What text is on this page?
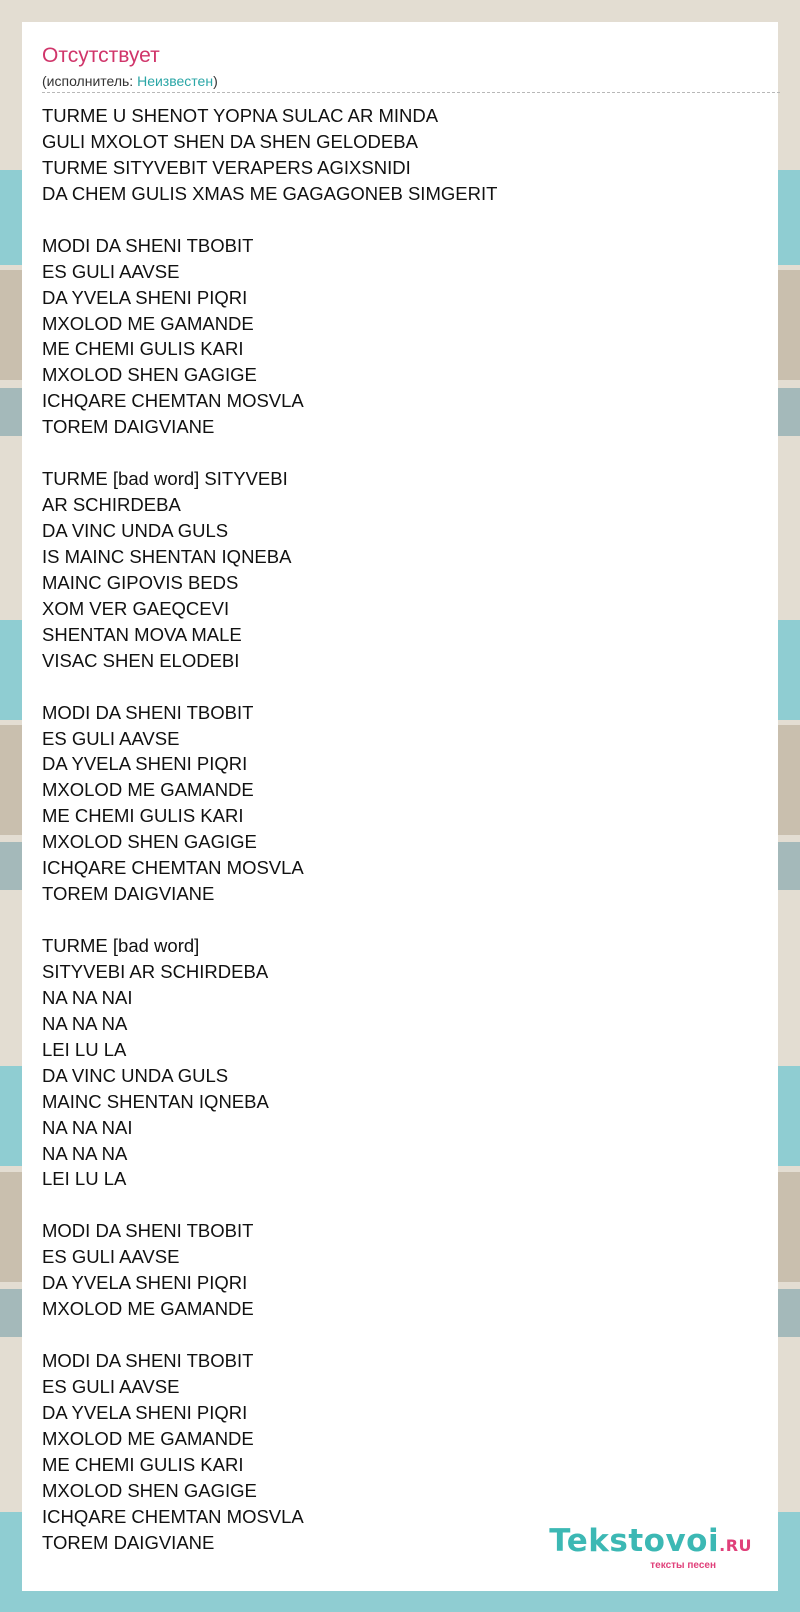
Отсутствует
(исполнитель: Неизвестен)
TURME U SHENOT YOPNA SULAC AR MINDA
GULI MXOLOT SHEN DA SHEN GELODEBA
TURME SITYVEBIT VERAPERS AGIXSNIDI
DA CHEM GULIS XMAS ME GAGAGONEB SIMGERIT
MODI DA SHENI TBOBIT
ES GULI AAVSE
DA YVELA SHENI PIQRI
MXOLOD ME GAMANDE
ME CHEMI GULIS KARI
MXOLOD SHEN GAGIGE
ICHQARE CHEMTAN MOSVLA
TOREM DAIGVIANE
TURME [bad word] SITYVEBI
AR SCHIRDEBA
DA VINC UNDA GULS
IS MAINC SHENTAN IQNEBA
MAINC GIPOVIS BEDS
XOM VER GAEQCEVI
SHENTAN MOVA MALE
VISAC SHEN ELODEBI
MODI DA SHENI TBOBIT
ES GULI AAVSE
DA YVELA SHENI PIQRI
MXOLOD ME GAMANDE
ME CHEMI GULIS KARI
MXOLOD SHEN GAGIGE
ICHQARE CHEMTAN MOSVLA
TOREM DAIGVIANE
TURME [bad word]
SITYVEBI AR SCHIRDEBA
NA NA NAI
NA NA NA
LEI LU LA
DA VINC UNDA GULS
MAINC SHENTAN IQNEBA
NA NA NAI
NA NA NA
LEI LU LA
MODI DA SHENI TBOBIT
ES GULI AAVSE
DA YVELA SHENI PIQRI
MXOLOD ME GAMANDE
MODI DA SHENI TBOBIT
ES GULI AAVSE
DA YVELA SHENI PIQRI
MXOLOD ME GAMANDE
ME CHEMI GULIS KARI
MXOLOD SHEN GAGIGE
ICHQARE CHEMTAN MOSVLA
TOREM DAIGVIANE	Tekstovoi.RU
тексты песен
